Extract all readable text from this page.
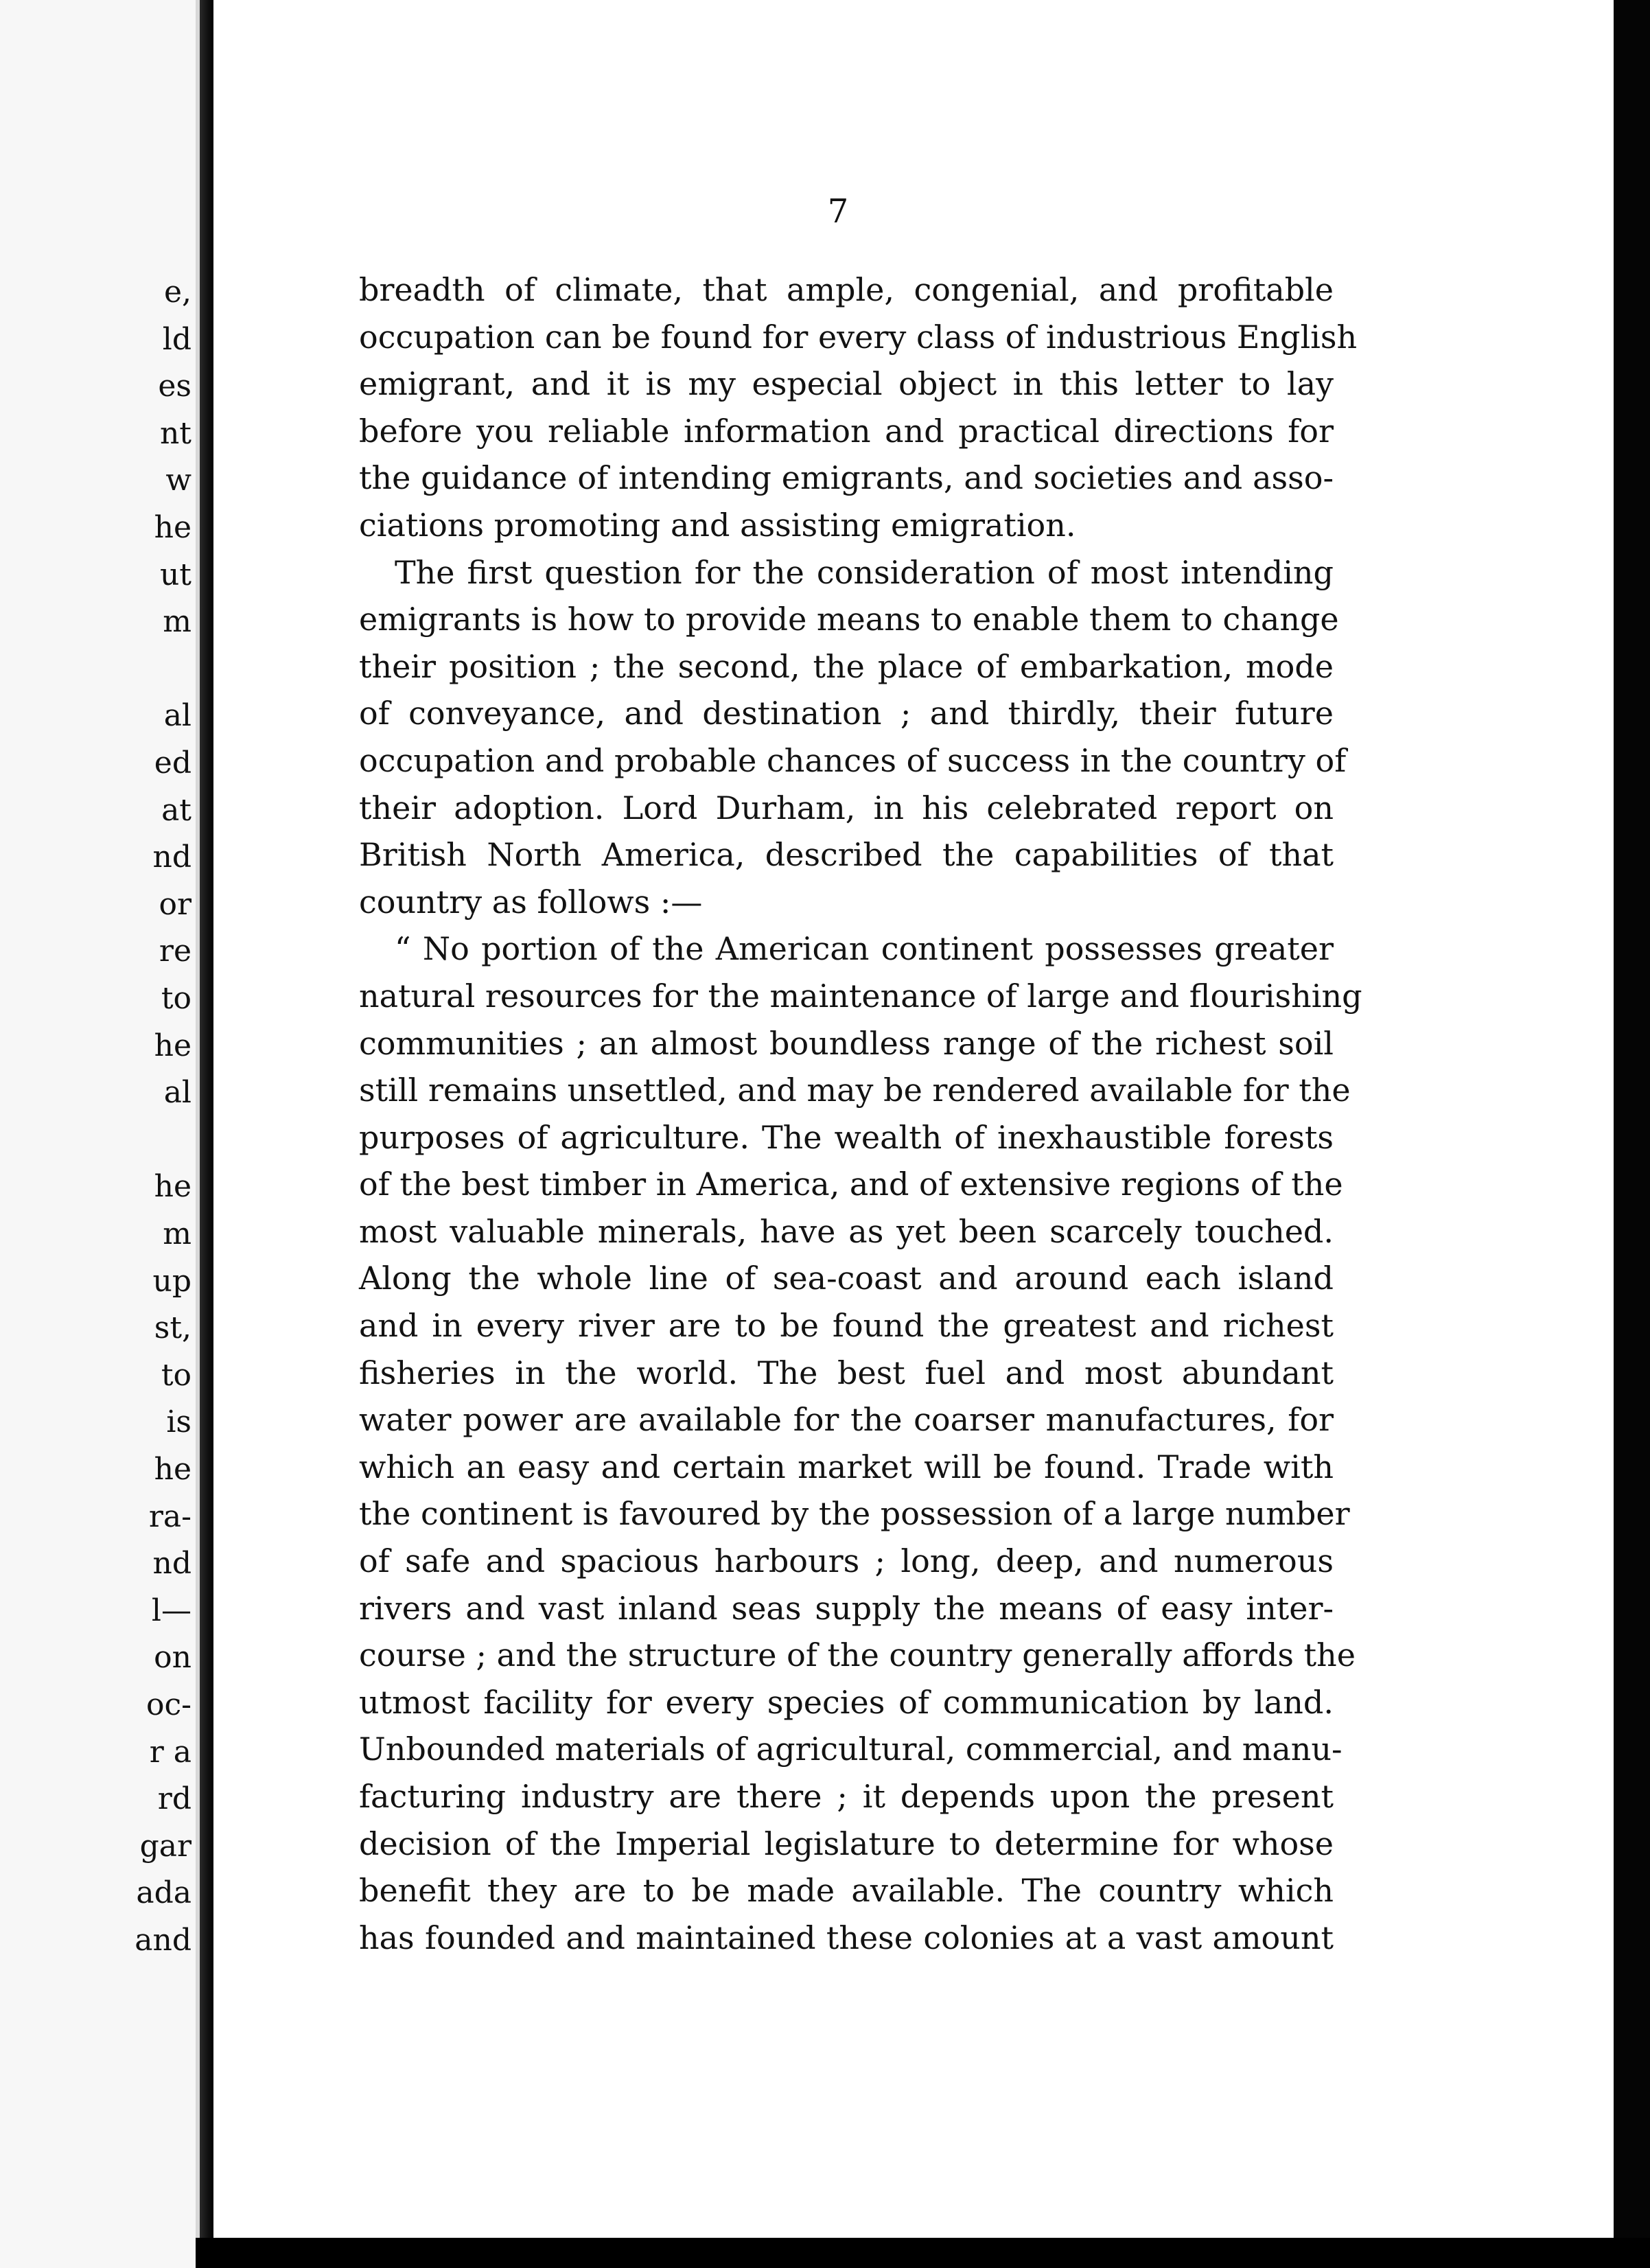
e,
ld
es
nt
w
he
ut
m
al
ed
at
nd
or
re
to
he
al
he
m
up
st,
to
is
he
ra-
nd
l—
on
oc-
r a
rd
gar
ada
and
7
breadth of climate, that ample, congenial, and profitable
occupation can be found for every class of industrious English
emigrant, and it is my especial object in this letter to lay
before you reliable information and practical directions for
the guidance of intending emigrants, and societies and asso-
ciations promoting and assisting emigration.
The first question for the consideration of most intending
emigrants is how to provide means to enable them to change
their position ; the second, the place of embarkation, mode
of conveyance, and destination ; and thirdly, their future
occupation and probable chances of success in the country of
their adoption. Lord Durham, in his celebrated report on
British North America, described the capabilities of that
country as follows :—
“ No portion of the American continent possesses greater
natural resources for the maintenance of large and flourishing
communities ; an almost boundless range of the richest soil
still remains unsettled, and may be rendered available for the
purposes of agriculture. The wealth of inexhaustible forests
of the best timber in America, and of extensive regions of the
most valuable minerals, have as yet been scarcely touched.
Along the whole line of sea-coast and around each island
and in every river are to be found the greatest and richest
fisheries in the world. The best fuel and most abundant
water power are available for the coarser manufactures, for
which an easy and certain market will be found. Trade with
the continent is favoured by the possession of a large number
of safe and spacious harbours ; long, deep, and numerous
rivers and vast inland seas supply the means of easy inter-
course ; and the structure of the country generally affords the
utmost facility for every species of communication by land.
Unbounded materials of agricultural, commercial, and manu-
facturing industry are there ; it depends upon the present
decision of the Imperial legislature to determine for whose
benefit they are to be made available. The country which
has founded and maintained these colonies at a vast amount
